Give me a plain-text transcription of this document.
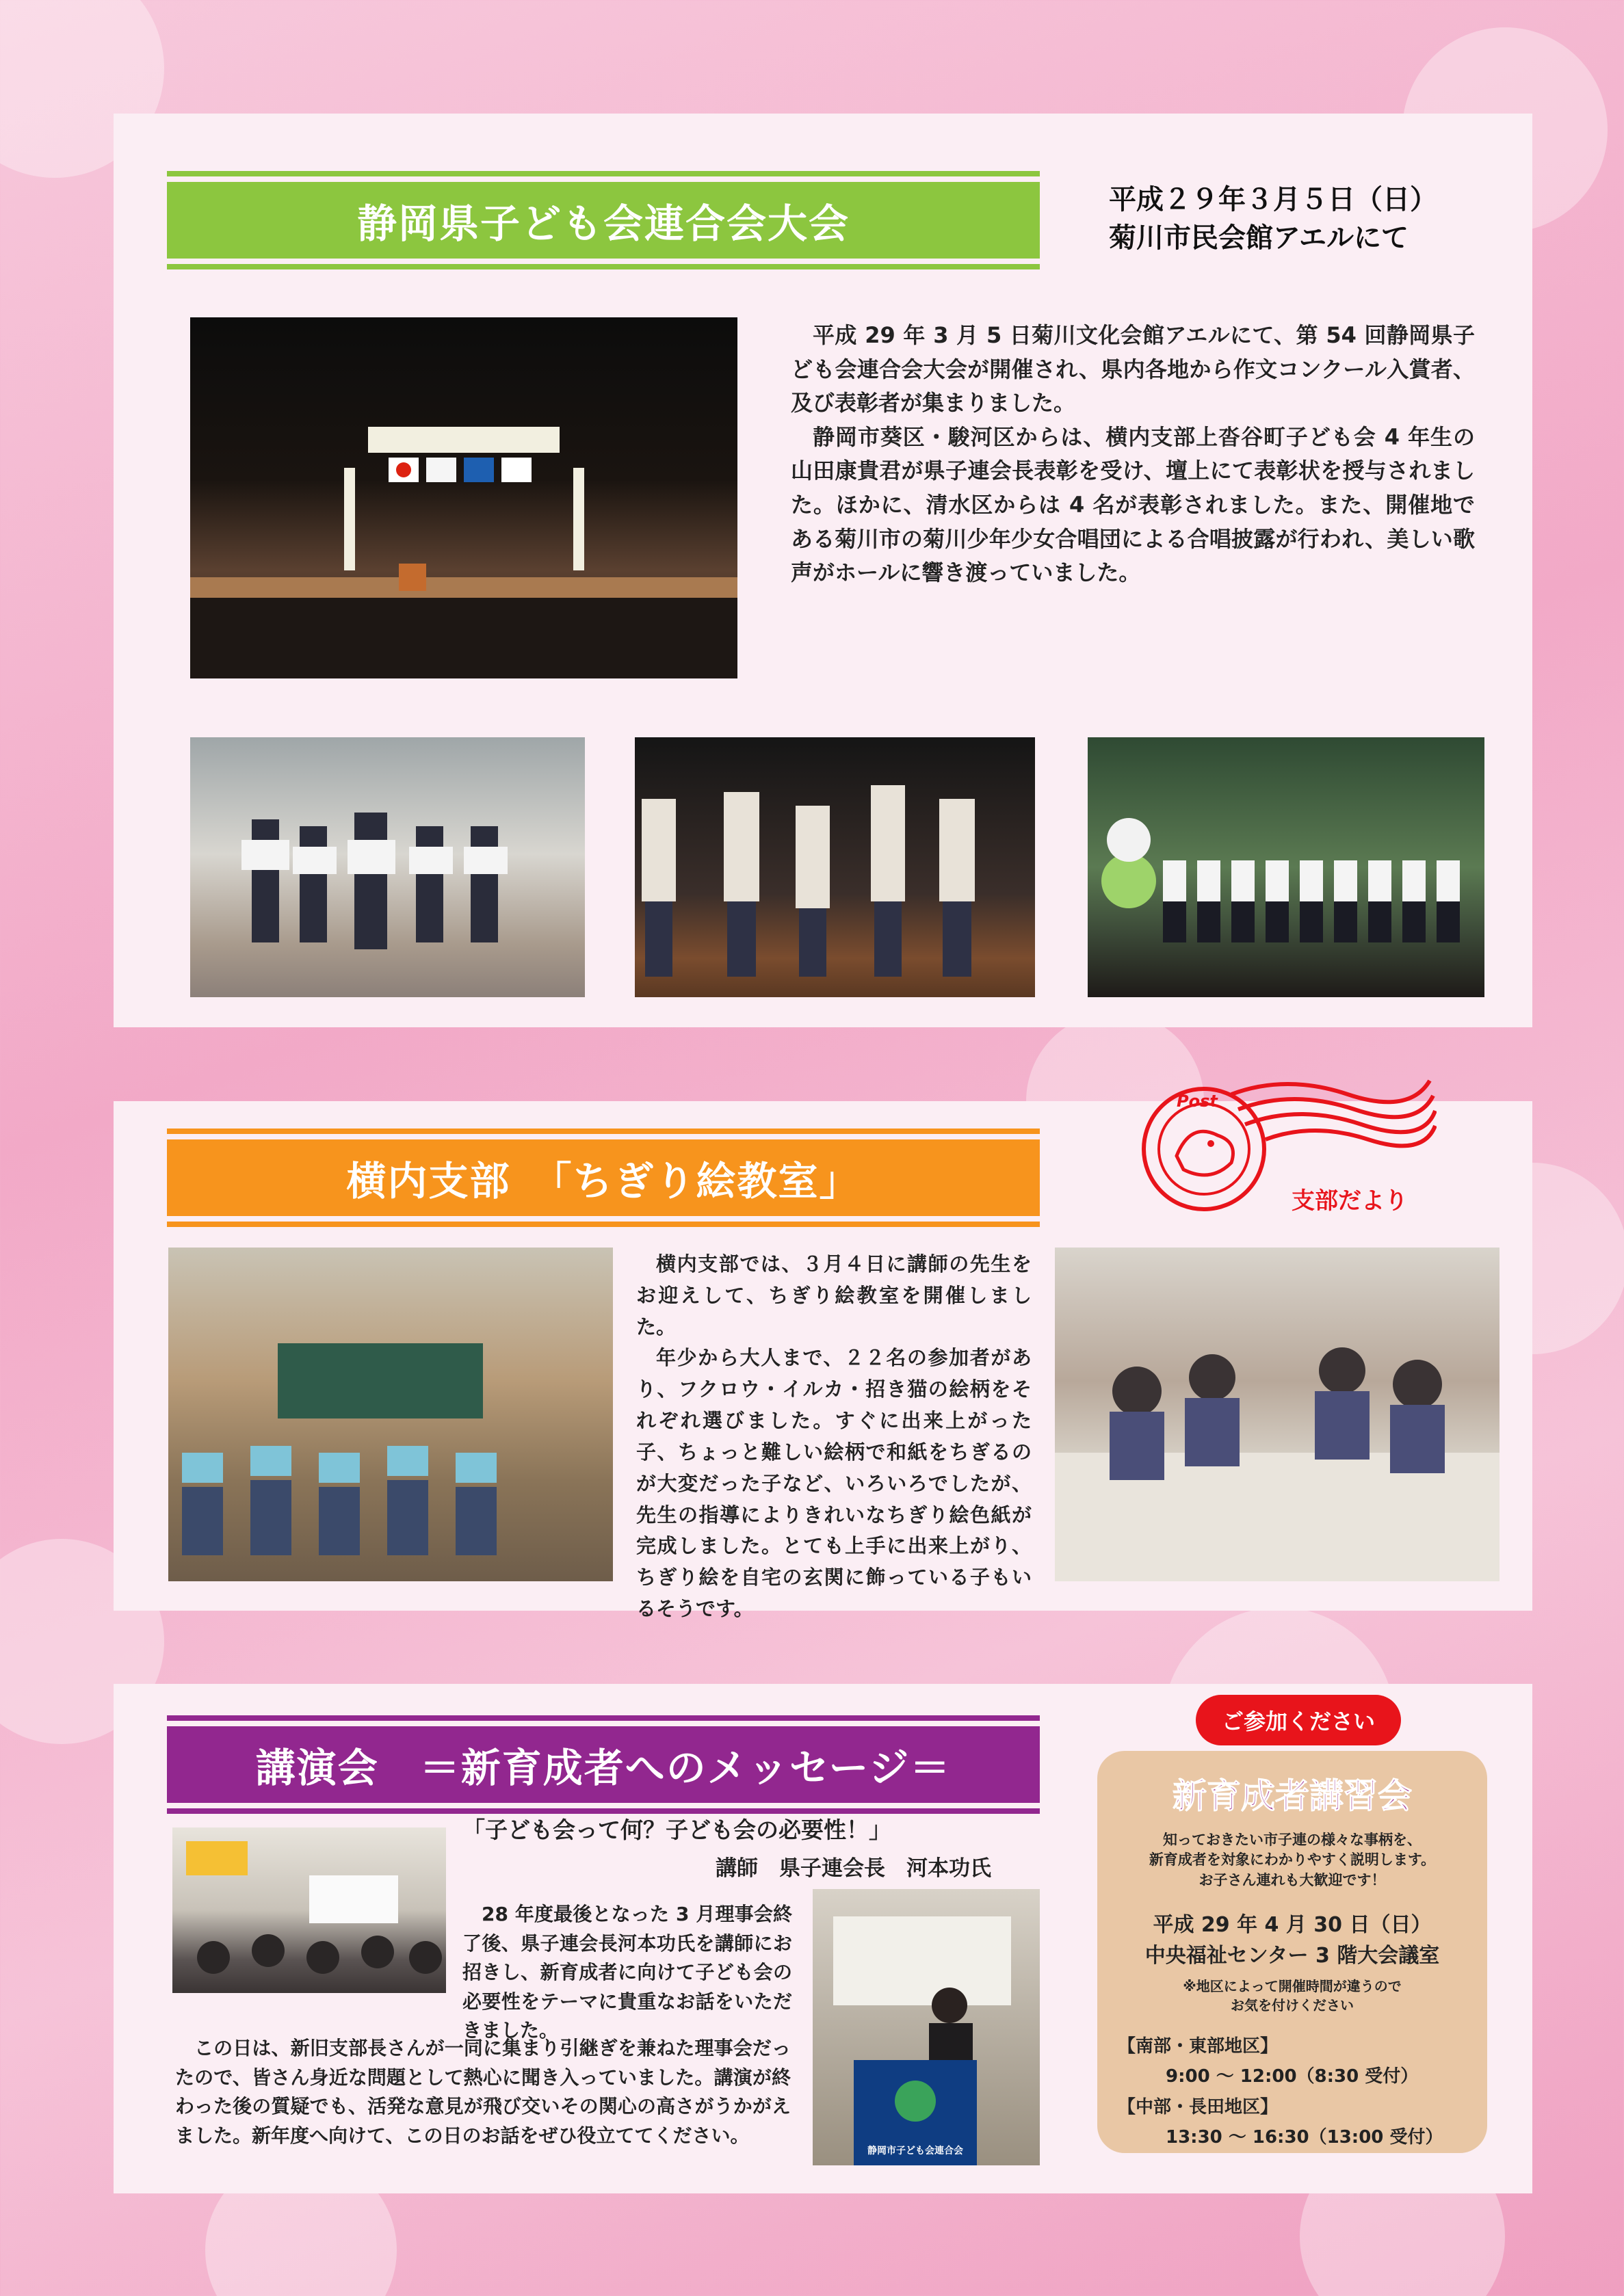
静岡県子ども会連合会大会
平成２９年３月５日（日）
菊川市民会館アエルにて

平成 29 年 3 月 5 日菊川文化会館アエルにて、第 54 回静岡県子ども会連合会大会が開催され、県内各地から作文コンクール入賞者、及び表彰者が集まりました。

静岡市葵区・駿河区からは、横内支部上沓谷町子ども会 4 年生の山田康貴君が県子連会長表彰を受け、壇上にて表彰状を授与されました。ほかに、清水区からは 4 名が表彰されました。また、開催地である菊川市の菊川少年少女合唱団による合唱披露が行われ、美しい歌声がホールに響き渡っていました。

横内支部　「ちぎり絵教室」

横内支部では、３月４日に講師の先生をお迎えして、ちぎり絵教室を開催しました。

年少から大人まで、２２名の参加者があり、フクロウ・イルカ・招き猫の絵柄をそれぞれ選びました。すぐに出来上がった子、ちょっと難しい絵柄で和紙をちぎるのが大変だった子など、いろいろでしたが、先生の指導によりきれいなちぎり絵色紙が完成しました。とても上手に出来上がり、ちぎり絵を自宅の玄関に飾っている子もいるそうです。

Post
支部だより
講演会　＝新育成者へのメッセージ＝
「子ども会って何？子ども会の必要性！」
講師　県子連会長　河本功氏

28 年度最後となった 3 月理事会終了後、県子連会長河本功氏を講師にお招きし、新育成者に向けて子ども会の必要性をテーマに貴重なお話をいただきました。

この日は、新旧支部長さんが一同に集まり引継ぎを兼ねた理事会だったので、皆さん身近な問題として熱心に聞き入っていました。講演が終わった後の質疑でも、活発な意見が飛び交いその関心の高さがうかがえました。新年度へ向けて、この日のお話をぜひ役立ててください。

静岡市子ども会連合会
ご参加ください
新育成者講習会
知っておきたい市子連の様々な事柄を、
新育成者を対象にわかりやすく説明します。
お子さん連れも大歓迎です！
平成 29 年 4 月 30 日（日）
中央福祉センター 3 階大会議室
※地区によって開催時間が違うので
お気を付けください
【南部・東部地区】
9:00 ～ 12:00（8:30 受付）
【中部・長田地区】
13:30 ～ 16:30（13:00 受付）
